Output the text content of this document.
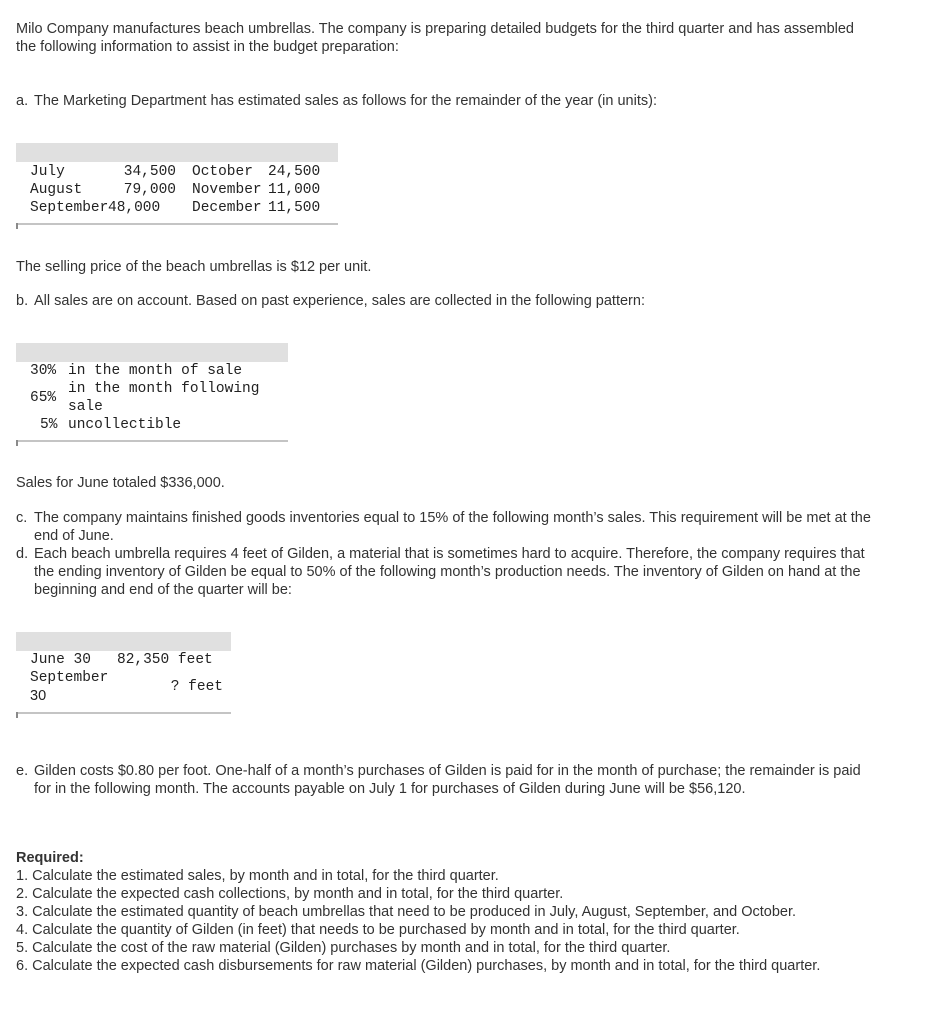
Milo Company manufactures beach umbrellas. The company is preparing detailed budgets for the third quarter and has assembled the following information to assist in the budget preparation:

a. The Marketing Department has estimated sales as follows for the remainder of the year (in units):
July	34,500 October 24,500
August	79,000 November 11,000
September 48,000 December 11,500

The selling price of the beach umbrellas is $12 per unit.

b. All sales are on account. Based on past experience, sales are collected in the following pattern:
30% in the month of sale
65%
in the month following
sale
5% uncollectible

Sales for June totaled $336,000.

c. The company maintains finished goods inventories equal to 15% of the following month’s sales. This requirement will be met at the end of June.
d. Each beach umbrella requires 4 feet of Gilden, a material that is sometimes hard to acquire. Therefore, the company requires that the ending inventory of Gilden be equal to 50% of the following month’s production needs. The inventory of Gilden on hand at the beginning and end of the quarter will be:
June 30 82,350 feet
September
30
? feet
e. Gilden costs $0.80 per foot. One-half of a month’s purchases of Gilden is paid for in the month of purchase; the remainder is paid for in the following month. The accounts payable on July 1 for purchases of Gilden during June will be $56,120.
Required:
1. Calculate the estimated sales, by month and in total, for the third quarter.
2. Calculate the expected cash collections, by month and in total, for the third quarter.
3. Calculate the estimated quantity of beach umbrellas that need to be produced in July, August, September, and October.
4. Calculate the quantity of Gilden (in feet) that needs to be purchased by month and in total, for the third quarter.
5. Calculate the cost of the raw material (Gilden) purchases by month and in total, for the third quarter.
6. Calculate the expected cash disbursements for raw material (Gilden) purchases, by month and in total, for the third quarter.
